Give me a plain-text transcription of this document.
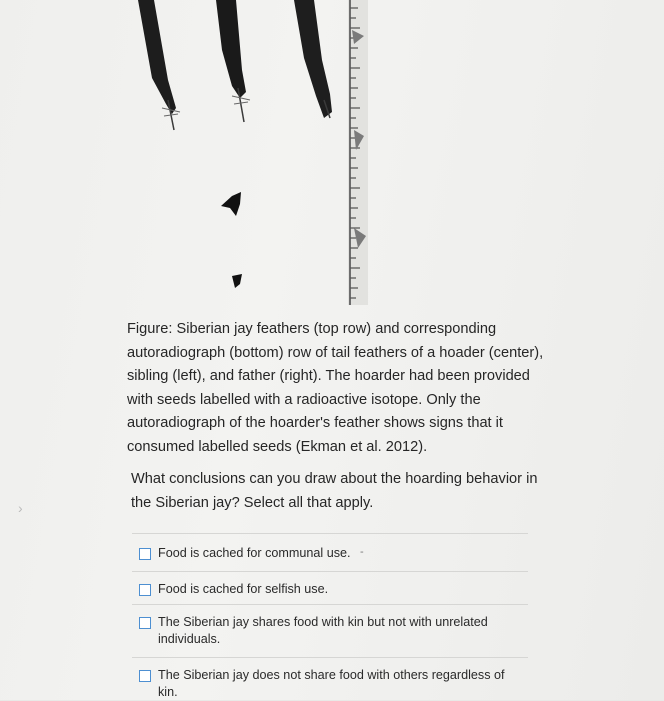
Figure: Siberian jay feathers (top row) and corresponding autoradiograph (bottom) row of tail feathers of a hoader (center), sibling (left), and father (right). The hoarder had been provided with seeds labelled with a radioactive isotope. Only the autoradiograph of the hoarder's feather shows signs that it consumed labelled seeds (Ekman et al. 2012).
What conclusions can you draw about the hoarding behavior in the Siberian jay? Select all that apply.
›
-
Food is cached for communal use.
Food is cached for selfish use.
The Siberian jay shares food with kin but not with unrelated individuals.
The Siberian jay does not share food with others regardless of kin.
